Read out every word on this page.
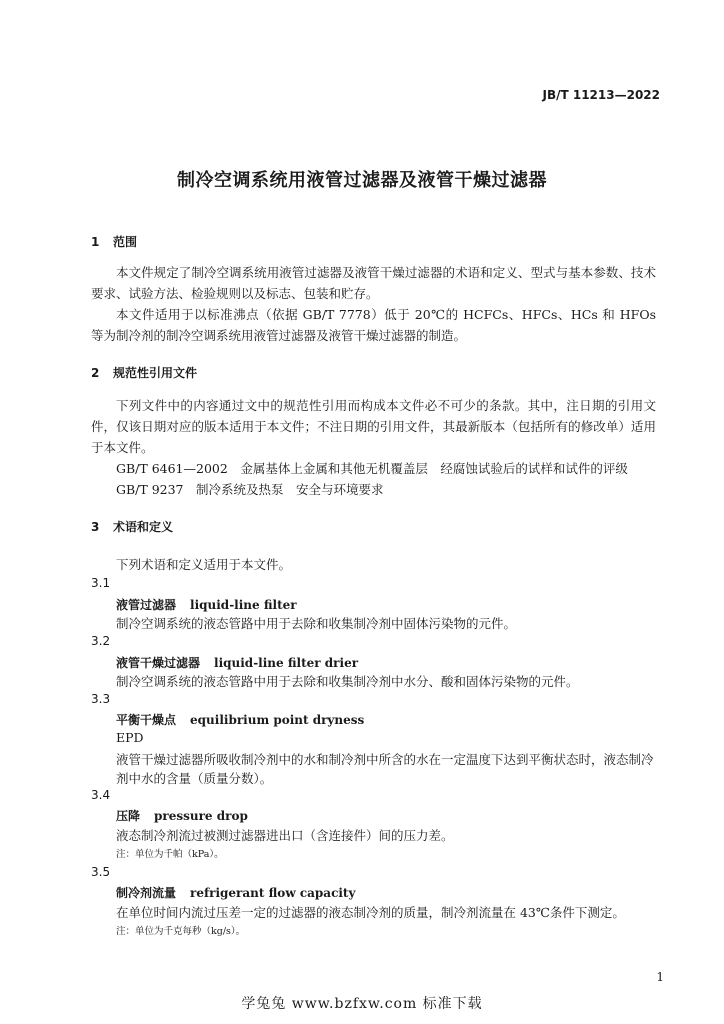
JB/T 11213—2022
制冷空调系统用液管过滤器及液管干燥过滤器
1 范围

本文件规定了制冷空调系统用液管过滤器及液管干燥过滤器的术语和定义、型式与基本参数、技术要求、试验方法、检验规则以及标志、包装和贮存。

本文件适用于以标准沸点（依据 GB/T 7778）低于 20℃的 HCFCs、HFCs、HCs 和 HFOs 等为制冷剂的制冷空调系统用液管过滤器及液管干燥过滤器的制造。

2 规范性引用文件

下列文件中的内容通过文中的规范性引用而构成本文件必不可少的条款。其中，注日期的引用文件，仅该日期对应的版本适用于本文件；不注日期的引用文件，其最新版本（包括所有的修改单）适用于本文件。

GB/T 6461—2002　金属基体上金属和其他无机覆盖层　经腐蚀试验后的试样和试件的评级
GB/T 9237　制冷系统及热泵　安全与环境要求
3 术语和定义
下列术语和定义适用于本文件。
3.1
液管过滤器 liquid-line filter
制冷空调系统的液态管路中用于去除和收集制冷剂中固体污染物的元件。
3.2
液管干燥过滤器 liquid-line filter drier
制冷空调系统的液态管路中用于去除和收集制冷剂中水分、酸和固体污染物的元件。
3.3
平衡干燥点 equilibrium point dryness
EPD
液管干燥过滤器所吸收制冷剂中的水和制冷剂中所含的水在一定温度下达到平衡状态时，液态制冷
剂中水的含量（质量分数）。
3.4
压降 pressure drop
液态制冷剂流过被测过滤器进出口（含连接件）间的压力差。
注：单位为千帕（kPa）。
3.5
制冷剂流量 refrigerant flow capacity
在单位时间内流过压差一定的过滤器的液态制冷剂的质量，制冷剂流量在 43℃条件下测定。
注：单位为千克每秒（kg/s）。
1
学兔兔 www.bzfxw.com 标准下载
